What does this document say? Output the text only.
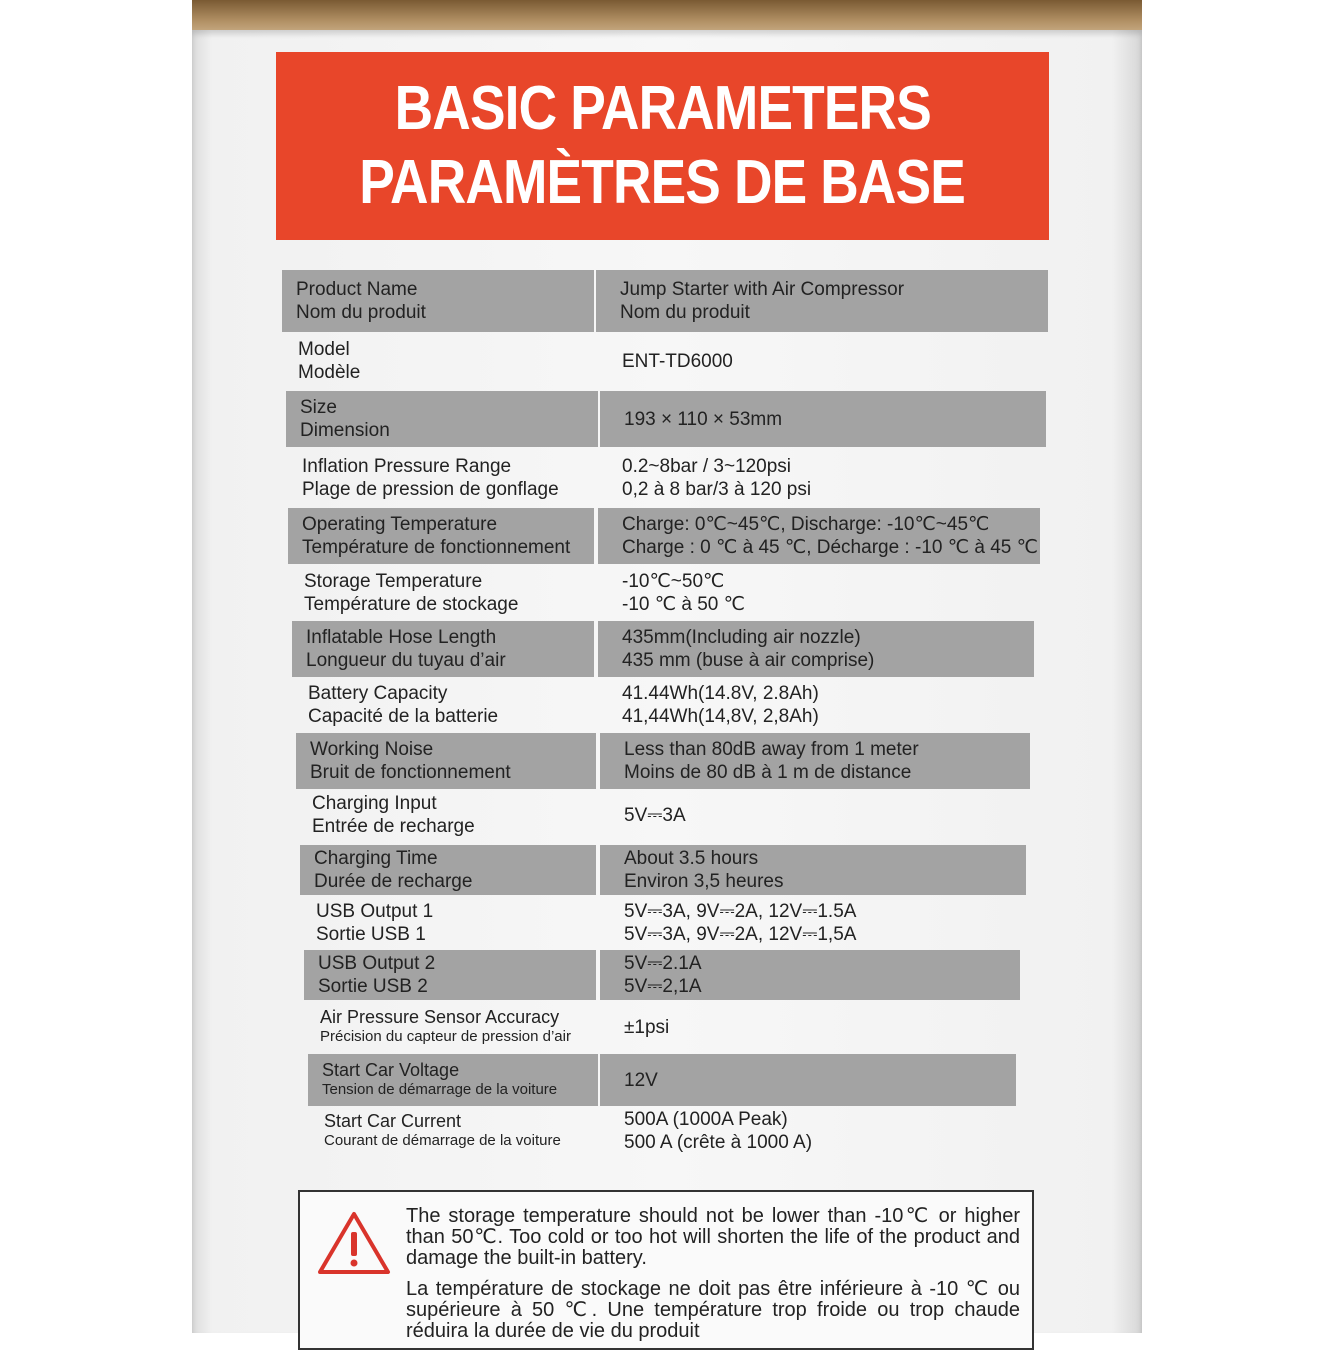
BASIC PARAMETERS
PARAMÈTRES DE BASE
Product Name
Nom du produit
Jump Starter with Air Compressor
Nom du produit
Model
Modèle
ENT-TD6000
Size
Dimension
193 × 110 × 53mm
Inflation Pressure Range
Plage de pression de gonflage
0.2~8bar / 3~120psi
0,2 à 8 bar/3 à 120 psi
Operating Temperature
Température de fonctionnement
Charge: 0℃~45℃, Discharge: -10℃~45℃
Charge : 0 ℃ à 45 ℃, Décharge : -10 ℃ à 45 ℃
Storage Temperature
Température de stockage
-10℃~50℃
-10 ℃ à 50 ℃
Inflatable Hose Length
Longueur du tuyau d’air
435mm(Including air nozzle)
435 mm (buse à air comprise)
Battery Capacity
Capacité de la batterie
41.44Wh(14.8V, 2.8Ah)
41,44Wh(14,8V, 2,8Ah)
Working Noise
Bruit de fonctionnement
Less than 80dB away from 1 meter
Moins de 80 dB à 1 m de distance
Charging Input
Entrée de recharge
5V⎓3A
Charging Time
Durée de recharge
About 3.5 hours
Environ 3,5 heures
USB Output 1
Sortie USB 1
5V⎓3A, 9V⎓2A, 12V⎓1.5A
5V⎓3A, 9V⎓2A, 12V⎓1,5A
USB Output 2
Sortie USB 2
5V⎓2.1A
5V⎓2,1A
Air Pressure Sensor Accuracy
Précision du capteur de pression d’air	±1psi
Start Car Voltage
Tension de démarrage de la voiture	12V
Start Car Current
Courant de démarrage de la voiture
500A (1000A Peak)
500 A (crête à 1000 A)

The storage temperature should not be lower than -10℃ or higher than 50℃. Too cold or too hot will shorten the life of the product and damage the built-in battery.

La température de stockage ne doit pas être inférieure à -10 ℃ ou supérieure à 50 ℃. Une température trop froide ou trop chaude réduira la durée de vie du produit
